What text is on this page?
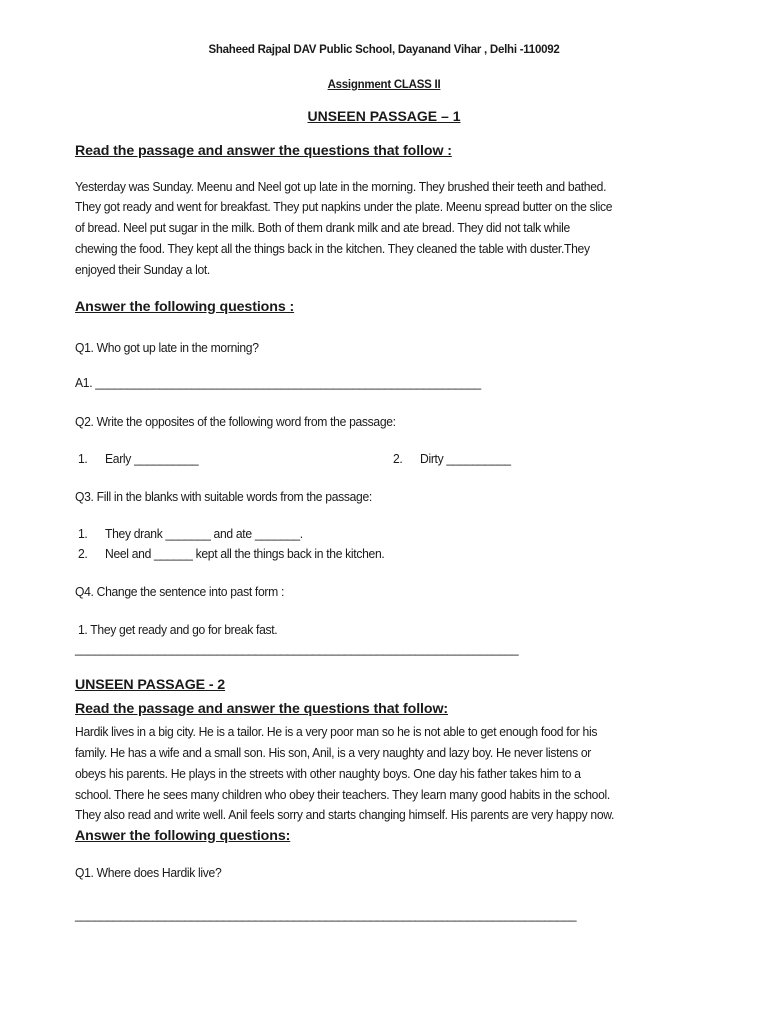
Shaheed Rajpal DAV Public School, Dayanand Vihar , Delhi -110092
Assignment CLASS II
UNSEEN PASSAGE – 1
Read the passage and answer the questions that follow :
Yesterday was Sunday. Meenu and Neel got up late in the morning. They brushed their teeth and bathed.
They got ready and went for breakfast. They put napkins under the plate. Meenu spread butter on the slice
of bread. Neel put sugar in the milk. Both of them drank milk and ate bread. They did not talk while
chewing the food. They kept all the things back in the kitchen. They cleaned the table with duster.They
enjoyed their Sunday a lot.
Answer the following questions :
Q1. Who got up late in the morning?
A1. ____________________________________________________________
Q2. Write the opposites of the following word from the passage:
1. Early __________	2. Dirty __________
Q3. Fill in the blanks with suitable words from the passage:
1. They drank _______ and ate _______.
2. Neel and ______ kept all the things back in the kitchen.
Q4. Change the sentence into past form :
1. They get ready and go for break fast.
_____________________________________________________________________
UNSEEN PASSAGE - 2
Read the passage and answer the questions that follow:
Hardik lives in a big city. He is a tailor. He is a very poor man so he is not able to get enough food for his
family. He has a wife and a small son. His son, Anil, is a very naughty and lazy boy. He never listens or
obeys his parents. He plays in the streets with other naughty boys. One day his father takes him to a
school. There he sees many children who obey their teachers. They learn many good habits in the school.
They also read and write well. Anil feels sorry and starts changing himself. His parents are very happy now.
Answer the following questions:
Q1. Where does Hardik live?
______________________________________________________________________________
